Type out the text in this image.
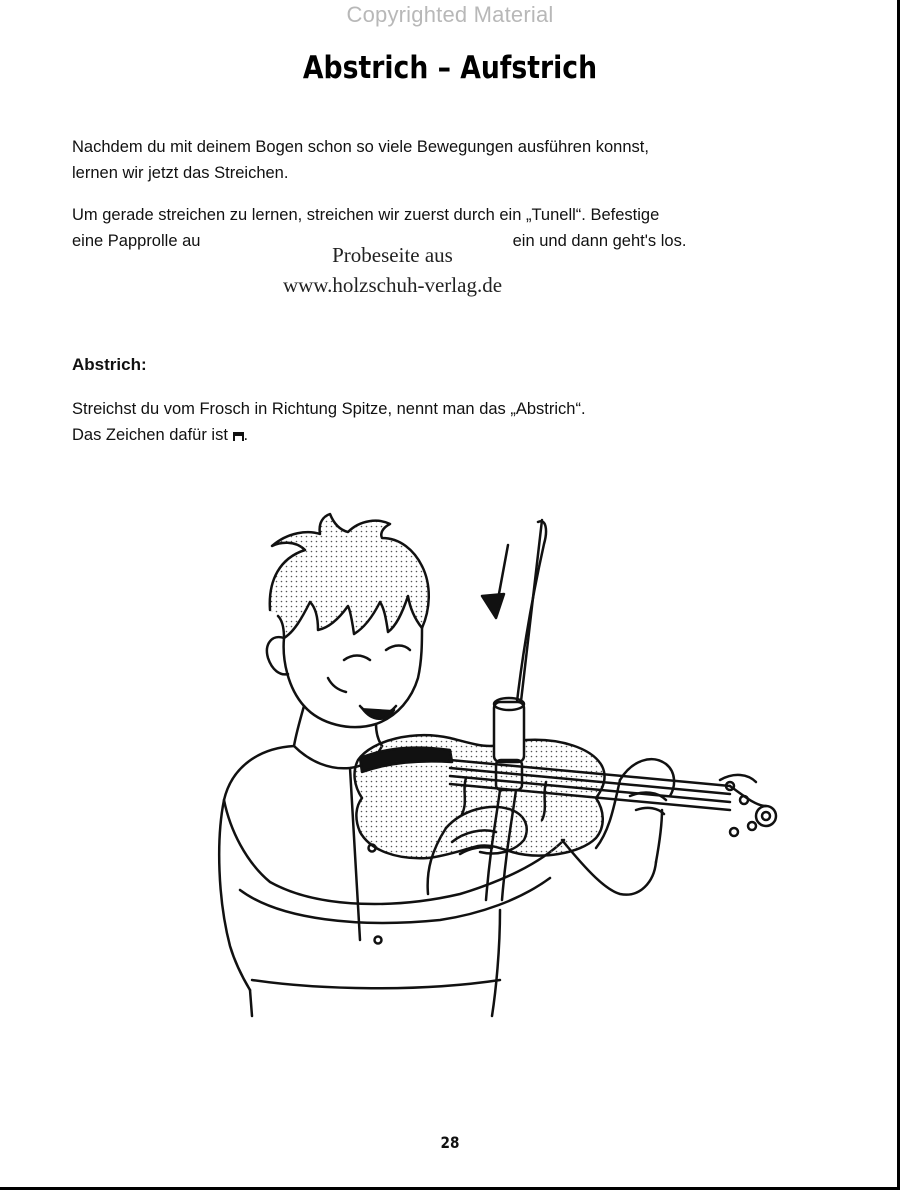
Copyrighted Material
Abstrich – Aufstrich
Nachdem du mit deinem Bogen schon so viele Bewegungen ausführen konnst,
lernen wir jetzt das Streichen.
Um gerade streichen zu lernen, streichen wir zuerst durch ein „Tunell“. Befestige
eine Papprolle au	ein und dann geht's los.
Probeseite aus
www.holzschuh-verlag.de
Abstrich:
Streichst du vom Frosch in Richtung Spitze, nennt man das „Abstrich“.
Das Zeichen dafür ist .
28
